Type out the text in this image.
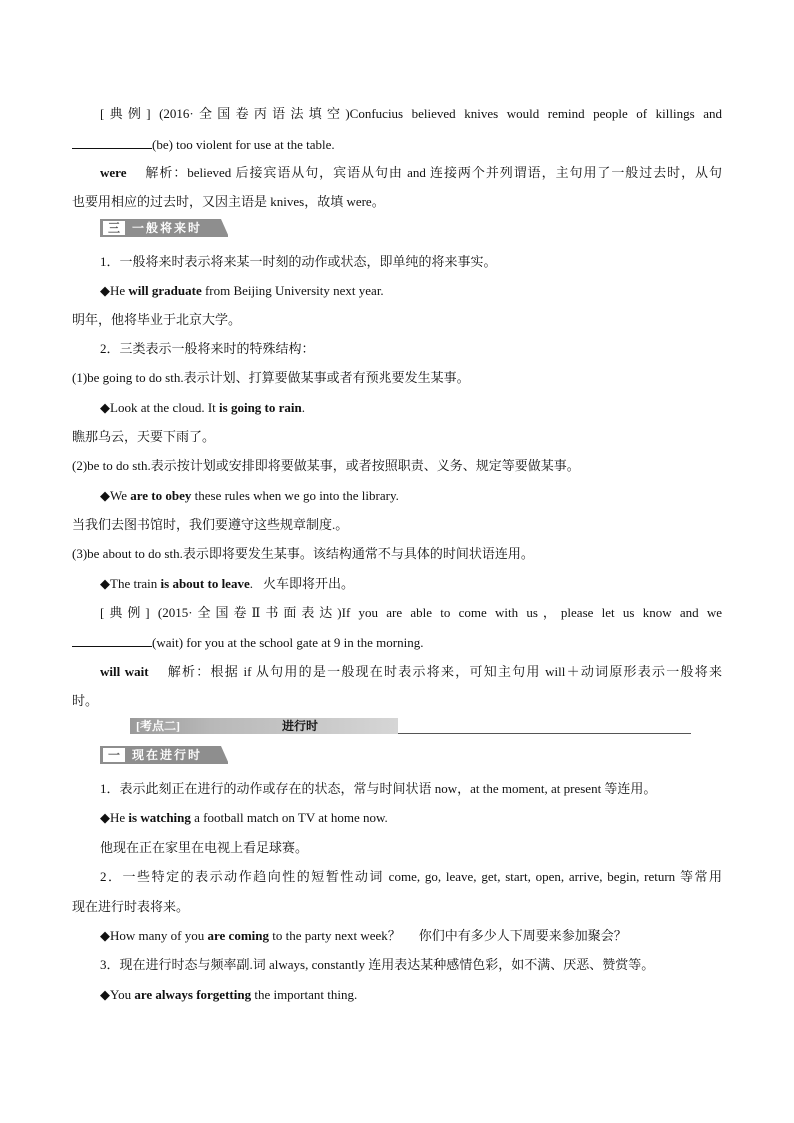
[典例] (2016·全国卷丙语法填空)Confucius believed knives would remind people of killings and
(be) too violent for use at the table.
were 解析：believed 后接宾语从句，宾语从句由 and 连接两个并列谓语，主句用了一般过去时，从句
也要用相应的过去时，又因主语是 knives，故填 were。
三	一般将来时
1．一般将来时表示将来某一时刻的动作或状态，即单纯的将来事实。
◆He will graduate from Beijing University next year.
明年，他将毕业于北京大学。
2．三类表示一般将来时的特殊结构：
(1)be going to do sth.表示计划、打算要做某事或者有预兆要发生某事。
◆Look at the cloud. It is going to rain.
瞧那乌云，天要下雨了。
(2)be to do sth.表示按计划或安排即将要做某事，或者按照职责、义务、规定等要做某事。
◆We are to obey these rules when we go into the library.
当我们去图书馆时，我们要遵守这些规章制度.。
(3)be about to do sth.表示即将要发生某事。该结构通常不与具体的时间状语连用。
◆The train is about to leave. 火车即将开出。
[典例] (2015·全国卷Ⅱ书面表达)If you are able to come with us，please let us know and we
(wait) for you at the school gate at 9 in the morning.
will wait 解析：根据 if 从句用的是一般现在时表示将来，可知主句用 will＋动词原形表示一般将来
时。
[考点二]	进行时
一	现在进行时
1．表示此刻正在进行的动作或存在的状态，常与时间状语 now，at the moment, at present 等连用。
◆He is watching a football match on TV at home now.
他现在正在家里在电视上看足球赛。
2．一些特定的表示动作趋向性的短暂性动词 come, go, leave, get, start, open, arrive, begin, return 等常用
现在进行时表将来。
◆How many of you are coming to the party next week？ 你们中有多少人下周要来参加聚会？
3．现在进行时态与频率副.词 always, constantly 连用表达某种感情色彩，如不满、厌恶、赞赏等。
◆You are always forgetting the important thing.
